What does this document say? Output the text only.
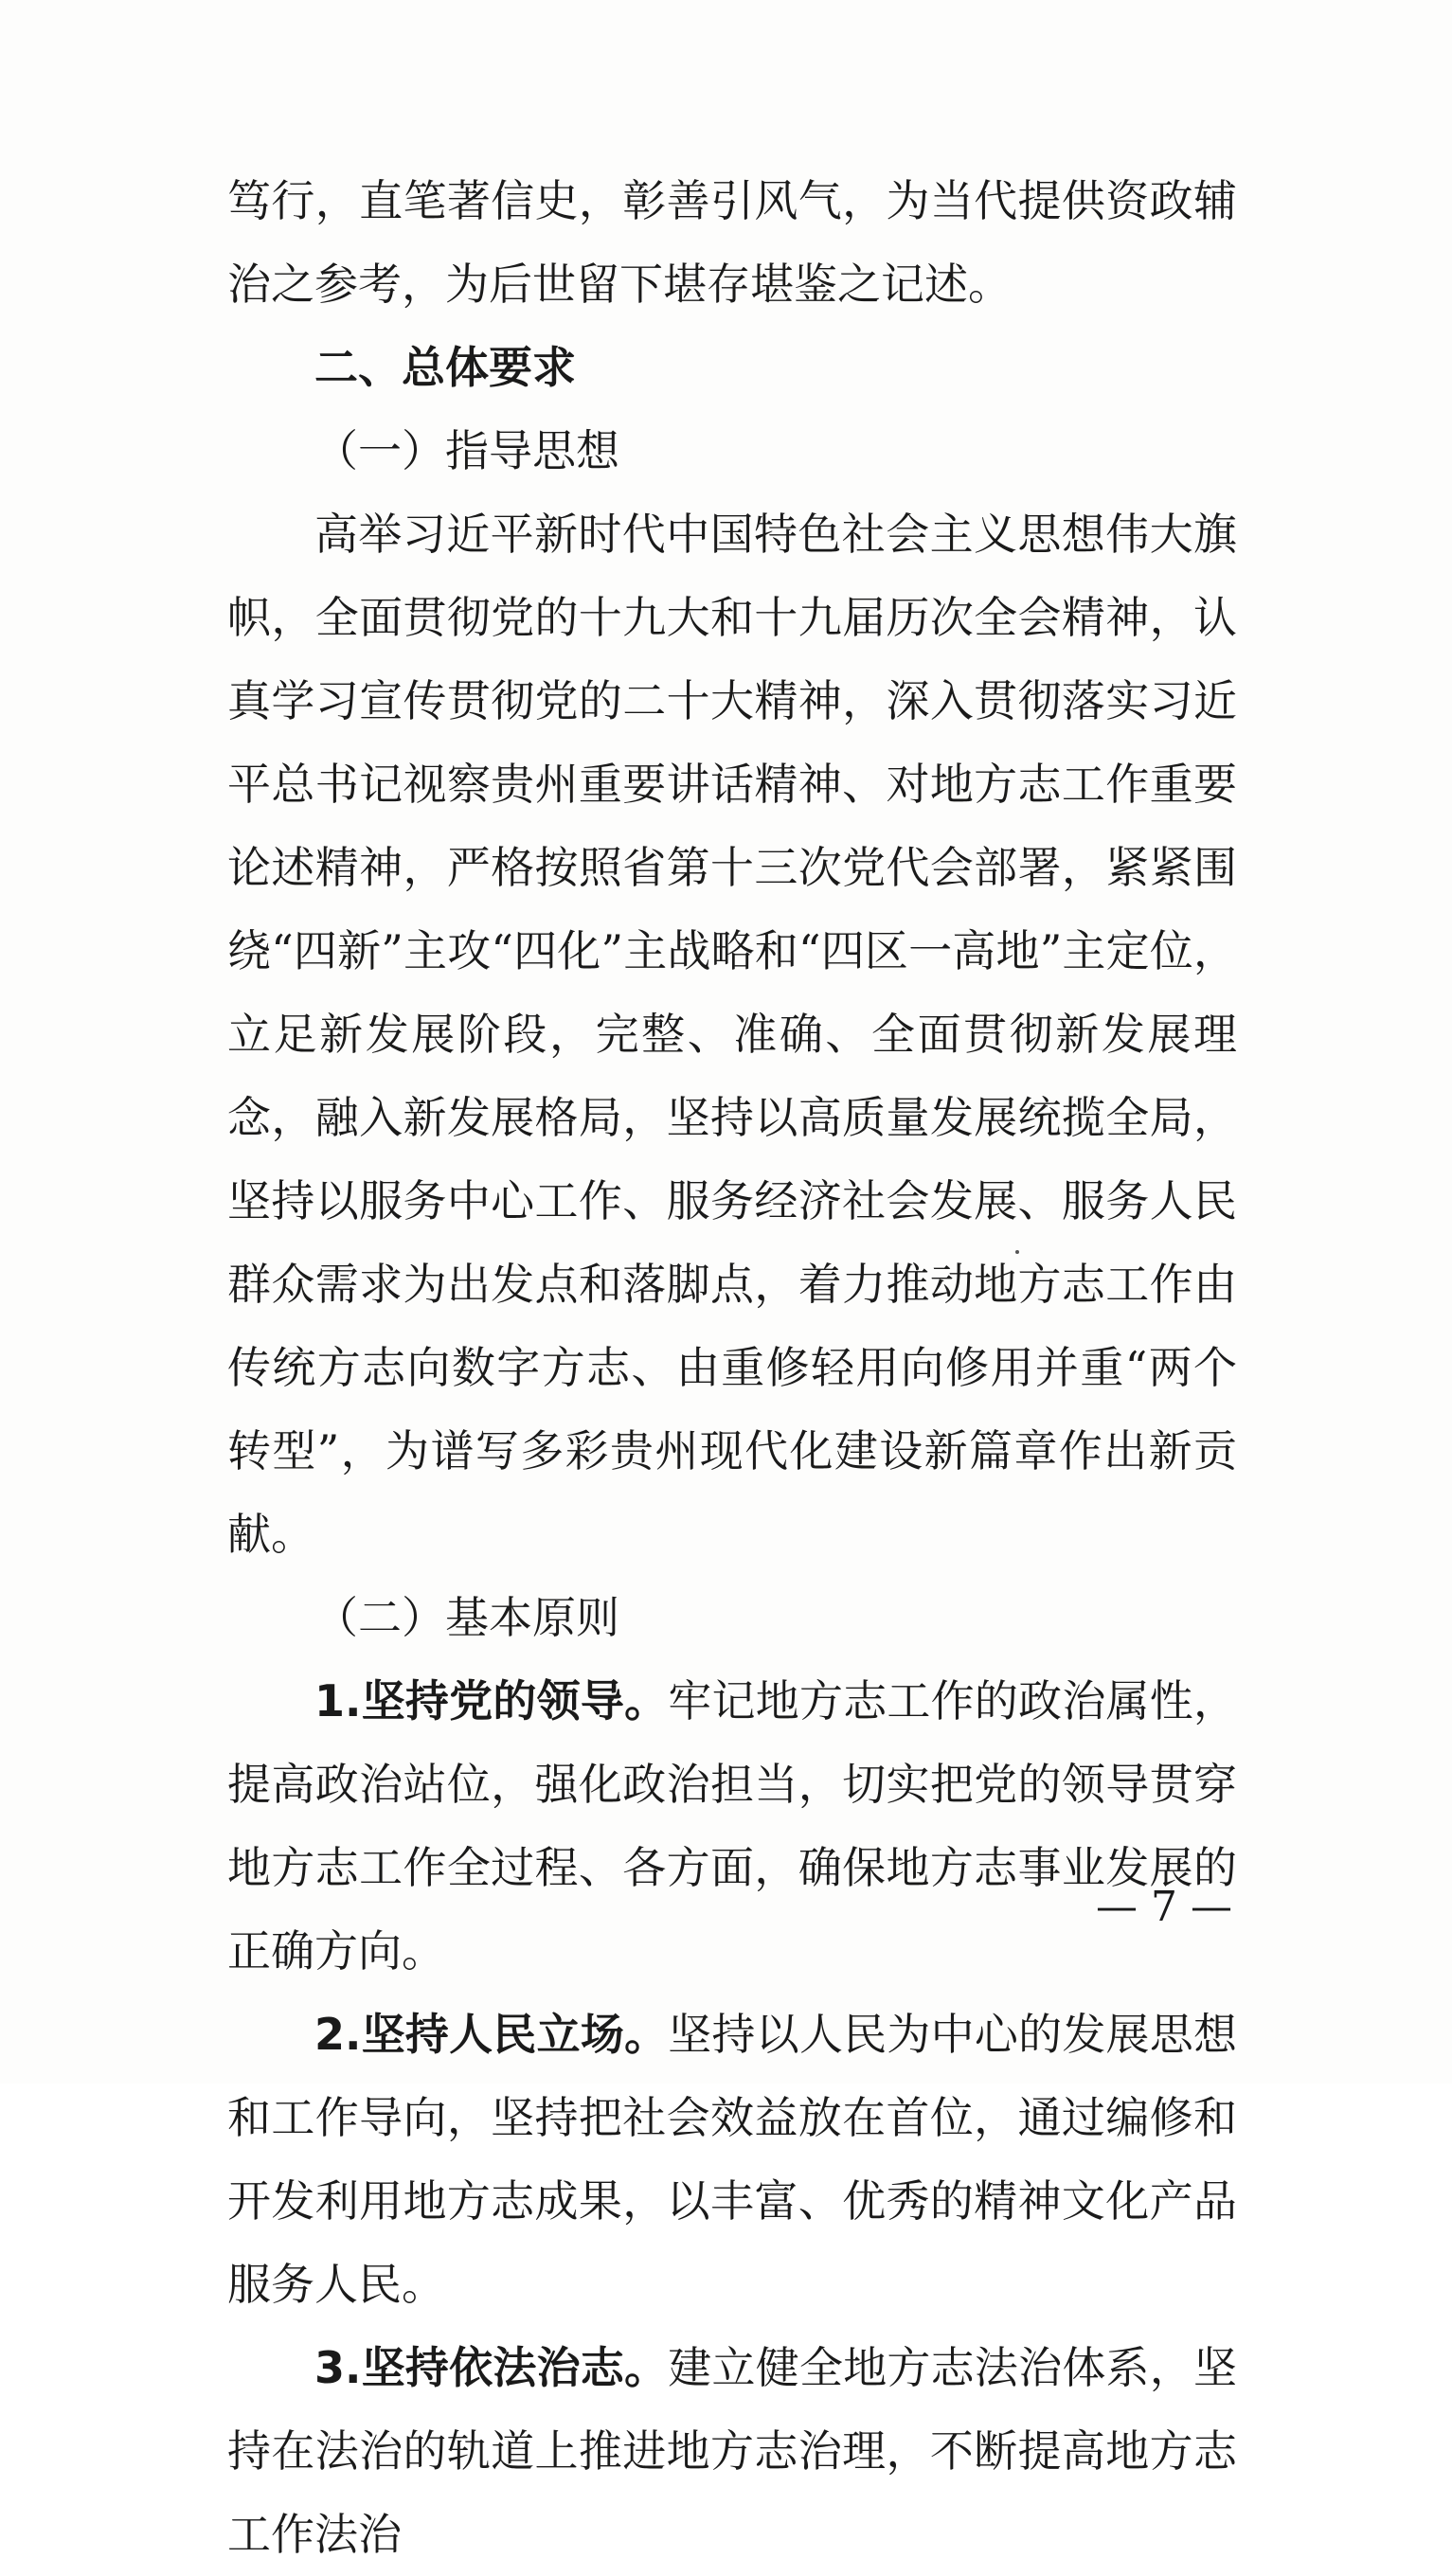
笃行，直笔著信史，彰善引风气，为当代提供资政辅治之参考，为后世留下堪存堪鉴之记述。

二、总体要求

（一）指导思想

高举习近平新时代中国特色社会主义思想伟大旗帜，全面贯彻党的十九大和十九届历次全会精神，认真学习宣传贯彻党的二十大精神，深入贯彻落实习近平总书记视察贵州重要讲话精神、对地方志工作重要论述精神，严格按照省第十三次党代会部署，紧紧围绕“四新”主攻“四化”主战略和“四区一高地”主定位，立足新发展阶段，完整、准确、全面贯彻新发展理念，融入新发展格局，坚持以高质量发展统揽全局，坚持以服务中心工作、服务经济社会发展、服务人民群众需求为出发点和落脚点，着力推动地方志工作由传统方志向数字方志、由重修轻用向修用并重“两个转型”，为谱写多彩贵州现代化建设新篇章作出新贡献。

（二）基本原则

1.坚持党的领导。牢记地方志工作的政治属性，提高政治站位，强化政治担当，切实把党的领导贯穿地方志工作全过程、各方面，确保地方志事业发展的正确方向。

2.坚持人民立场。坚持以人民为中心的发展思想和工作导向，坚持把社会效益放在首位，通过编修和开发利用地方志成果，以丰富、优秀的精神文化产品服务人民。

3.坚持依法治志。建立健全地方志法治体系，坚持在法治的轨道上推进地方志治理，不断提高地方志工作法治

— 7 —
